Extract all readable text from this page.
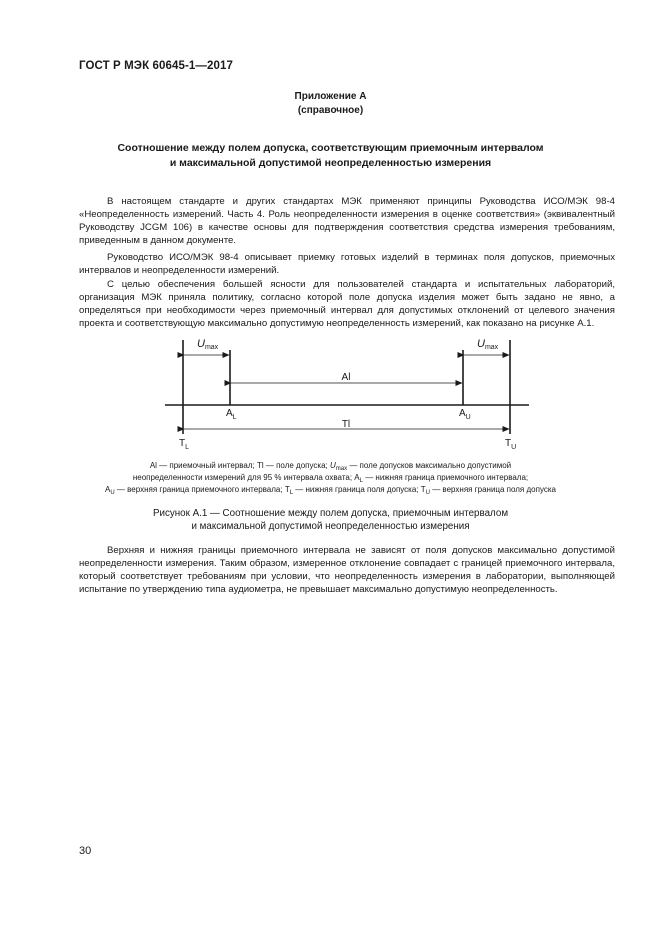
ГОСТ Р МЭК 60645-1—2017
Приложение А
(справочное)
Соотношение между полем допуска, соответствующим приемочным интервалом
и максимальной допустимой неопределенностью измерения

В настоящем стандарте и других стандартах МЭК применяют принципы Руководства ИСО/МЭК 98-4 «Неопределенность измерений. Часть 4. Роль неопределенности измерения в оценке соответствия» (эквивалентный Руководству JCGM 106) в качестве основы для подтверждения соответствия средства измерения требованиям, приведенным в данном документе.

Руководство ИСО/МЭК 98-4 описывает приемку готовых изделий в терминах поля допусков, приемочных интервалов и неопределенности измерений.

С целью обеспечения большей ясности для пользователей стандарта и испытательных лабораторий, организация МЭК приняла политику, согласно которой поле допуска изделия может быть задано не явно, а определяться при необходимости через приемочный интервал для допустимых отклонений от целевого значения проекта и соответствующую максимально допустимую неопределенность измерений, как показано на рисунке А.1.

Umax	Umax
Al
Tl
$A_L$	$A_U$
$T_L$	$T_U$
Al — приемочный интервал; Tl — поле допуска; $U_{max}$ — поле допусков максимально допустимой
неопределенности измерений для 95 % интервала охвата; $A_L$ — нижняя граница приемочного интервала;
$A_U$ — верхняя граница приемочного интервала; $T_L$ — нижняя граница поля допуска; $T_U$ — верхняя граница поля допуска
Рисунок А.1 — Соотношение между полем допуска, приемочным интервалом
и максимальной допустимой неопределенностью измерения

Верхняя и нижняя границы приемочного интервала не зависят от поля допусков максимально допустимой неопределенности измерения. Таким образом, измеренное отклонение совпадает с границей приемочного интервала, который соответствует требованиям при условии, что неопределенность измерения в лаборатории, выполняющей испытание по утверждению типа аудиометра, не превышает максимально допустимую неопределенность.

30
